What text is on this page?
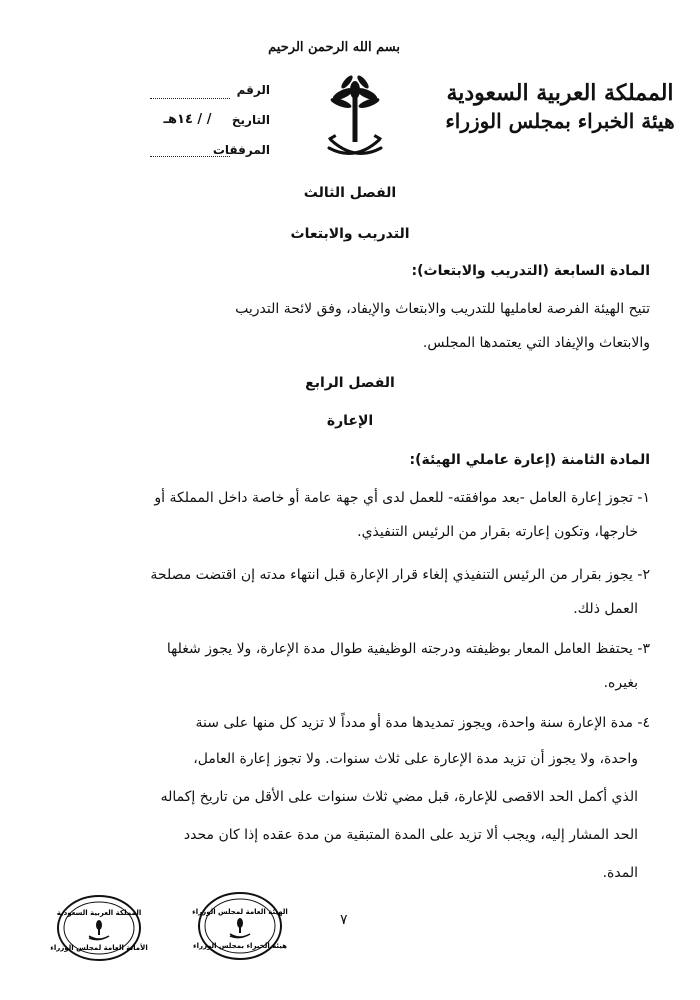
المملكة العربية السعودية
هيئة الخبراء بمجلس الوزراء
بسم الله الرحمن الرحيم
الرقم
التاريخ
المرفقات
/ / ١٤هـ
الفصل الثالث
التدريب والابتعاث
المادة السابعة (التدريب والابتعاث):
تتيح الهيئة الفرصة لعامليها للتدريب والابتعاث والإيفاد، وفق لائحة التدريب
والابتعاث والإيفاد التي يعتمدها المجلس.
الفصل الرابع
الإعارة
المادة الثامنة (إعارة عاملي الهيئة):
١- تجوز إعارة العامل -بعد موافقته- للعمل لدى أي جهة عامة أو خاصة داخل المملكة أو
خارجها، وتكون إعارته بقرار من الرئيس التنفيذي.
٢- يجوز بقرار من الرئيس التنفيذي إلغاء قرار الإعارة قبل انتهاء مدته إن اقتضت مصلحة
العمل ذلك.
٣- يحتفظ العامل المعار بوظيفته ودرجته الوظيفية طوال مدة الإعارة، ولا يجوز شغلها
بغيره.
٤- مدة الإعارة سنة واحدة، ويجوز تمديدها مدة أو مدداً لا تزيد كل منها على سنة
واحدة، ولا يجوز أن تزيد مدة الإعارة على ثلاث سنوات. ولا تجوز إعارة العامل،
الذي أكمل الحد الاقصى للإعارة، قبل مضي ثلاث سنوات على الأقل من تاريخ إكماله
الحد المشار إليه، ويجب ألا تزيد على المدة المتبقية من مدة عقده إذا كان محدد
المدة.
٧
الهيئة العامة لمجلس الوزراء
هيئة الخبراء بمجلس الوزراء
المملكة العربية السعودية
الأمانة العامة لمجلس الوزراء
